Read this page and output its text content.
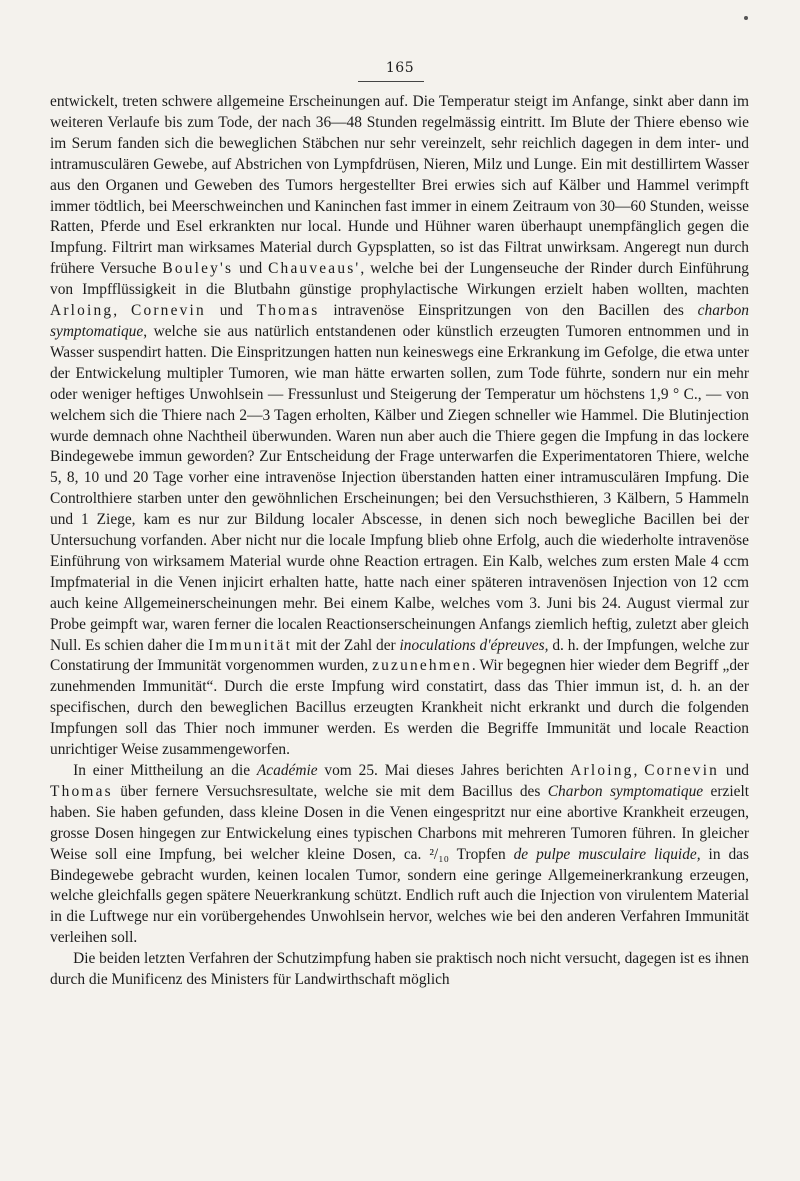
165

entwickelt, treten schwere allgemeine Erscheinungen auf. Die Temperatur steigt im Anfange, sinkt aber dann im weiteren Verlaufe bis zum Tode, der nach 36—48 Stunden regelmässig eintritt. Im Blute der Thiere ebenso wie im Serum fanden sich die beweglichen Stäbchen nur sehr vereinzelt, sehr reichlich dagegen in dem inter- und intramusculären Gewebe, auf Abstrichen von Lympfdrüsen, Nieren, Milz und Lunge. Ein mit destillirtem Wasser aus den Organen und Geweben des Tumors hergestellter Brei erwies sich auf Kälber und Hammel verimpft immer tödtlich, bei Meerschweinchen und Kaninchen fast immer in einem Zeitraum von 30—60 Stunden, weisse Ratten, Pferde und Esel erkrankten nur local. Hunde und Hühner waren überhaupt unempfänglich gegen die Impfung. Filtrirt man wirksames Material durch Gypsplatten, so ist das Filtrat unwirksam. Angeregt nun durch frühere Versuche Bouley's und Chauveaus', welche bei der Lungenseuche der Rinder durch Einführung von Impfflüssigkeit in die Blutbahn günstige prophylactische Wirkungen erzielt haben wollten, machten Arloing, Cornevin und Thomas intravenöse Einspritzungen von den Bacillen des charbon symptomatique, welche sie aus natürlich entstandenen oder künstlich erzeugten Tumoren entnommen und in Wasser suspendirt hatten. Die Einspritzungen hatten nun keineswegs eine Erkrankung im Gefolge, die etwa unter der Entwickelung multipler Tumoren, wie man hätte erwarten sollen, zum Tode führte, sondern nur ein mehr oder weniger heftiges Unwohlsein — Fressunlust und Steigerung der Temperatur um höchstens 1,9 ° C., — von welchem sich die Thiere nach 2—3 Tagen erholten, Kälber und Ziegen schneller wie Hammel. Die Blutinjection wurde demnach ohne Nachtheil überwunden. Waren nun aber auch die Thiere gegen die Impfung in das lockere Bindegewebe immun geworden? Zur Entscheidung der Frage unterwarfen die Experimentatoren Thiere, welche 5, 8, 10 und 20 Tage vorher eine intravenöse Injection überstanden hatten einer intramusculären Impfung. Die Controlthiere starben unter den gewöhnlichen Erscheinungen; bei den Versuchsthieren, 3 Kälbern, 5 Hammeln und 1 Ziege, kam es nur zur Bildung localer Abscesse, in denen sich noch bewegliche Bacillen bei der Untersuchung vorfanden. Aber nicht nur die locale Impfung blieb ohne Erfolg, auch die wiederholte intravenöse Einführung von wirksamem Material wurde ohne Reaction ertragen. Ein Kalb, welches zum ersten Male 4 ccm Impfmaterial in die Venen injicirt erhalten hatte, hatte nach einer späteren intravenösen Injection von 12 ccm auch keine Allgemeinerscheinungen mehr. Bei einem Kalbe, welches vom 3. Juni bis 24. August viermal zur Probe geimpft war, waren ferner die localen Reactionserscheinungen Anfangs ziemlich heftig, zuletzt aber gleich Null. Es schien daher die Immunität mit der Zahl der inoculations d'épreuves, d. h. der Impfungen, welche zur Constatirung der Immunität vorgenommen wurden, zuzunehmen. Wir begegnen hier wieder dem Begriff „der zunehmenden Immunität“. Durch die erste Impfung wird constatirt, dass das Thier immun ist, d. h. an der specifischen, durch den beweglichen Bacillus erzeugten Krankheit nicht erkrankt und durch die folgenden Impfungen soll das Thier noch immuner werden. Es werden die Begriffe Immunität und locale Reaction unrichtiger Weise zusammengeworfen.

In einer Mittheilung an die Académie vom 25. Mai dieses Jahres berichten Arloing, Cornevin und Thomas über fernere Versuchsresultate, welche sie mit dem Bacillus des Charbon symptomatique erzielt haben. Sie haben gefunden, dass kleine Dosen in die Venen eingespritzt nur eine abortive Krankheit erzeugen, grosse Dosen hingegen zur Entwickelung eines typischen Charbons mit mehreren Tumoren führen. In gleicher Weise soll eine Impfung, bei welcher kleine Dosen, ca. ²/₁₀ Tropfen de pulpe musculaire liquide, in das Bindegewebe gebracht wurden, keinen localen Tumor, sondern eine geringe Allgemeinerkrankung erzeugen, welche gleichfalls gegen spätere Neuerkrankung schützt. Endlich ruft auch die Injection von virulentem Material in die Luftwege nur ein vorübergehendes Unwohlsein hervor, welches wie bei den anderen Verfahren Immunität verleihen soll.

Die beiden letzten Verfahren der Schutzimpfung haben sie praktisch noch nicht versucht, dagegen ist es ihnen durch die Munificenz des Ministers für Landwirthschaft möglich
